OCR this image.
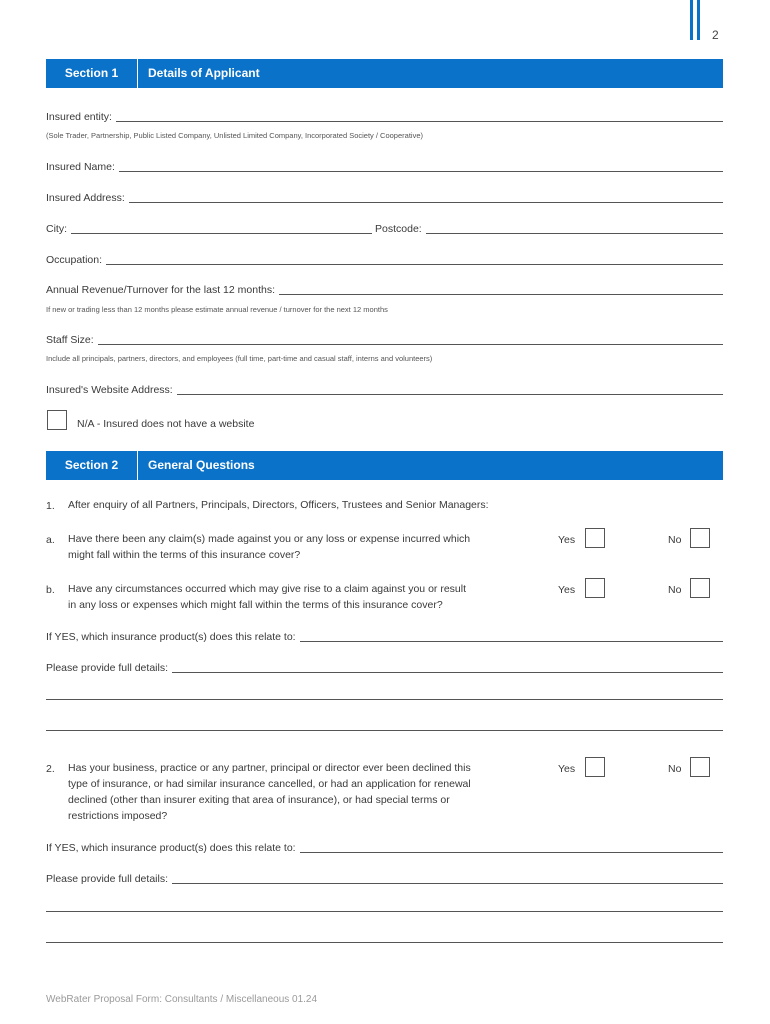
2
Section 1	Details of Applicant
Insured entity:
(Sole Trader, Partnership, Public Listed Company, Unlisted Limited Company, Incorporated Society / Cooperative)
Insured Name:
Insured Address:
City:	Postcode:
Occupation:
Annual Revenue/Turnover for the last 12 months:
If new or trading less than 12 months please estimate annual revenue / turnover for the next 12 months
Staff Size:
Include all principals, partners, directors, and employees (full time, part-time and casual staff, interns and volunteers)
Insured's Website Address:
N/A - Insured does not have a website
Section 2	General Questions
1. After enquiry of all Partners, Principals, Directors, Officers, Trustees and Senior Managers:
a. Have there been any claim(s) made against you or any loss or expense incurred which
might fall within the terms of this insurance cover?
Yes	No
b. Have any circumstances occurred which may give rise to a claim against you or result
in any loss or expenses which might fall within the terms of this insurance cover?
Yes	No
If YES, which insurance product(s) does this relate to:
Please provide full details:
2. Has your business, practice or any partner, principal or director ever been declined this
type of insurance, or had similar insurance cancelled, or had an application for renewal
declined (other than insurer exiting that area of insurance), or had special terms or
restrictions imposed?
Yes	No
If YES, which insurance product(s) does this relate to:
Please provide full details:
WebRater Proposal Form: Consultants / Miscellaneous 01.24
